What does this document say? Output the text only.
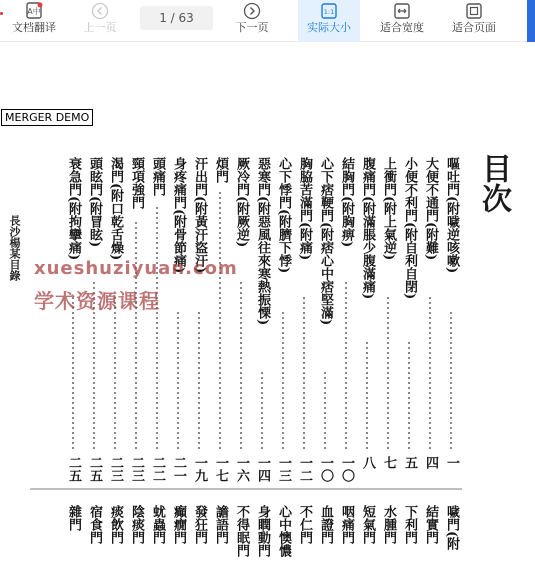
A中
文档翻译	上一页
1 / 63
下一页
1:1
实际大小	适合宽度	适合页面
目次
長沙楊某目錄	嘔吐門(附噦逆咳嗽)
一
大便不通門(附難)
四
小便不利門(附自利自閉)
五
上衝門(附上氣逆)
七
腹痛門(附滿脹少腹滿痛)
八
結胸門(附胸痹)
一〇
心下痞鞕門(附痞心中痞堅滿)
一〇
胸脇苦滿門(附痛)
一二
心下悸門(附臍下悸)
一三
惡寒門(附惡風往來寒熱振慄)
一四
厥冷門(附厥逆)
一六
煩門
一七
汗出門(附黃汗盜汗)
一九
身疼痛門(附骨節痛)
二一
頭痛門
二二
頸項強門
二三
渴門(附口乾舌燥)
二三
頭眩門(附冒眩)
二五
衰急門(附拘攣痛)
二五
噦門(附
結實門
下利門
水腫門
短氣門
咽痛門
血證門
不仁門
心中懊憹
身瞤動門
不得眠門
譫語門
發狂門
癲癇門
蚘蟲門
陰痰門
痰飲門
宿食門
雜門
MERGER DEMO
xueshuziyuan.com
学术资源课程
